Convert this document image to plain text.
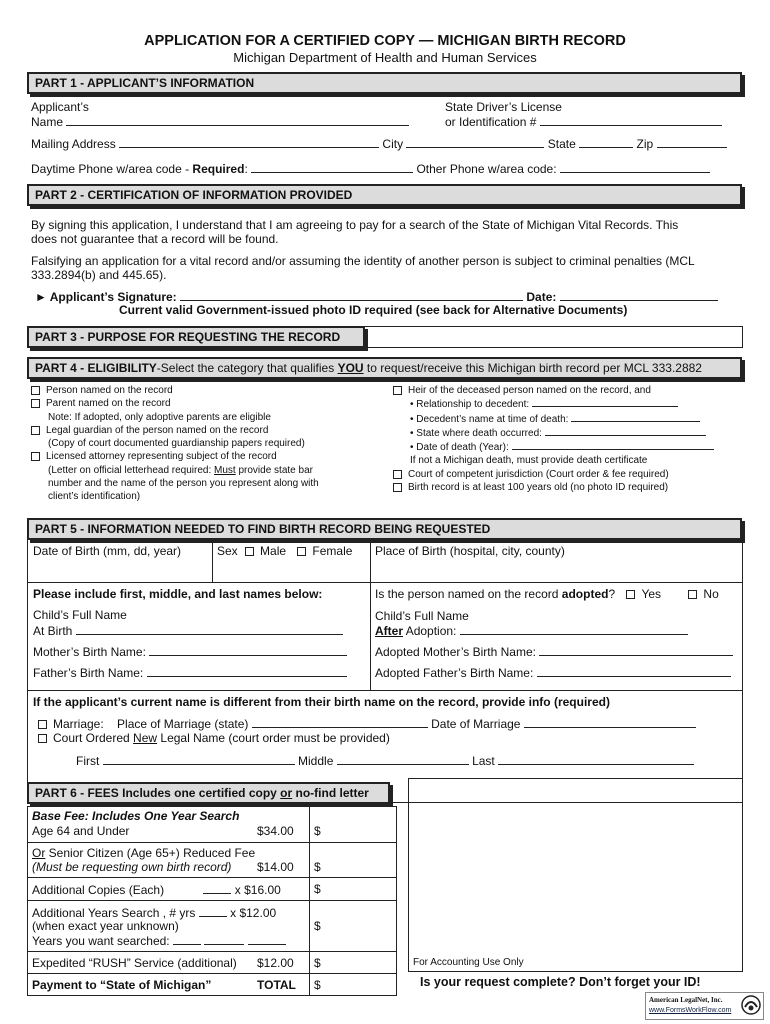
APPLICATION FOR A CERTIFIED COPY — MICHIGAN BIRTH RECORD
Michigan Department of Health and Human Services
PART 1 - APPLICANT’S INFORMATION
Applicant’s
Name
State Driver’s License
or Identification #
Mailing Address	City	State	Zip
Daytime Phone w/area code - Required:	Other Phone w/area code:
PART 2 - CERTIFICATION OF INFORMATION PROVIDED
By signing this application, I understand that I am agreeing to pay for a search of the State of Michigan Vital Records. This
does not guarantee that a record will be found.
Falsifying an application for a vital record and/or assuming the identity of another person is subject to criminal penalties (MCL
333.2894(b) and 445.65).
► Applicant’s Signature:	Date:
Current valid Government-issued photo ID required (see back for Alternative Documents)
PART 3 - PURPOSE FOR REQUESTING THE RECORD
PART 4 - ELIGIBILITY-Select the category that qualifies YOU to request/receive this Michigan birth record per MCL 333.2882
Person named on the record
Parent named on the record
Note: If adopted, only adoptive parents are eligible
Legal guardian of the person named on the record
(Copy of court documented guardianship papers required)
Licensed attorney representing subject of the record
(Letter on official letterhead required: Must provide state bar
number and the name of the person you represent along with
client’s identification)
Heir of the deceased person named on the record, and
• Relationship to decedent:
• Decedent’s name at time of death:
• State where death occurred:
• Date of death (Year):
If not a Michigan death, must provide death certificate
Court of competent jurisdiction (Court order & fee required)
Birth record is at least 100 years old (no photo ID required)
PART 5 - INFORMATION NEEDED TO FIND BIRTH RECORD BEING REQUESTED
Date of Birth (mm, dd, year)	Sex Male Female Place of Birth (hospital, city, county)
Please include first, middle, and last names below:
Child’s Full Name
At Birth
Mother’s Birth Name:
Father’s Birth Name:
Is the person named on the record adopted? Yes	No
Child’s Full Name
After Adoption:
Adopted Mother’s Birth Name:
Adopted Father’s Birth Name:
If the applicant’s current name is different from their birth name on the record, provide info (required)
Marriage: Place of Marriage (state)	Date of Marriage
Court Ordered New Legal Name (court order must be provided)
First	Middle	Last
PART 6 - FEES Includes one certified copy or no-find letter
Base Fee: Includes One Year Search
Age 64 and Under	$34.00 $
Or Senior Citizen (Age 65+) Reduced Fee
(Must be requesting own birth record) $14.00 $
Additional Copies (Each)	x $16.00	$
Additional Years Search , # yrs	x $12.00
(when exact year unknown)
Years you want searched:
$
Expedited “RUSH” Service (additional) $12.00 $
Payment to “State of Michigan”	TOTAL $
For Accounting Use Only
Is your request complete? Don’t forget your ID!
American LegalNet, Inc.
www.FormsWorkFlow.com
